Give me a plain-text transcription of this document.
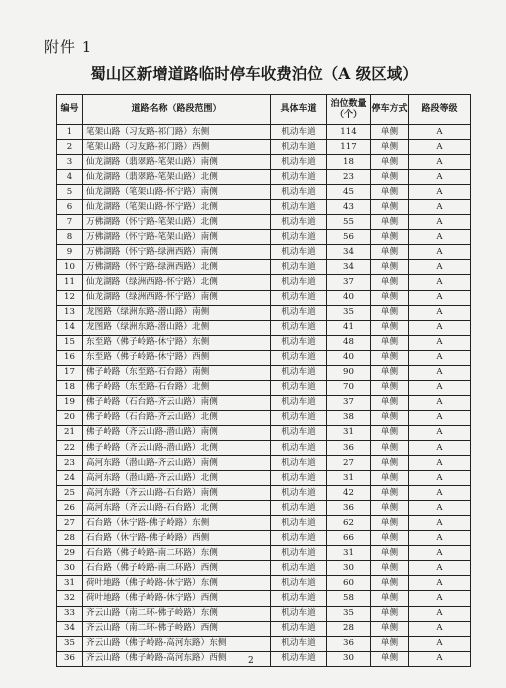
附件 1
蜀山区新增道路临时停车收费泊位（A 级区域）
编号	道路名称（路段范围）	具体车道	泊位数量（个）	停车方式	路段等级
1	笔架山路（习友路-祁门路）东侧	机动车道	114	单侧	A
2	笔架山路（习友路-祁门路）西侧	机动车道	117	单侧	A
3	仙龙湖路（翡翠路-笔架山路）南侧	机动车道	18	单侧	A
4	仙龙湖路（翡翠路-笔架山路）北侧	机动车道	23	单侧	A
5	仙龙湖路（笔架山路-怀宁路）南侧	机动车道	45	单侧	A
6	仙龙湖路（笔架山路-怀宁路）北侧	机动车道	43	单侧	A
7	万佛湖路（怀宁路-笔架山路）北侧	机动车道	55	单侧	A
8	万佛湖路（怀宁路-笔架山路）南侧	机动车道	56	单侧	A
9	万佛湖路（怀宁路-绿洲西路）南侧	机动车道	34	单侧	A
10	万佛湖路（怀宁路-绿洲西路）北侧	机动车道	34	单侧	A
11	仙龙湖路（绿洲西路-怀宁路）北侧	机动车道	37	单侧	A
12	仙龙湖路（绿洲西路-怀宁路）南侧	机动车道	40	单侧	A
13	龙图路（绿洲东路-潜山路）南侧	机动车道	35	单侧	A
14	龙图路（绿洲东路-潜山路）北侧	机动车道	41	单侧	A
15	东至路（佛子岭路-休宁路）东侧	机动车道	48	单侧	A
16	东至路（佛子岭路-休宁路）西侧	机动车道	40	单侧	A
17	佛子岭路（东至路-石台路）南侧	机动车道	90	单侧	A
18	佛子岭路（东至路-石台路）北侧	机动车道	70	单侧	A
19	佛子岭路（石台路-齐云山路）南侧	机动车道	37	单侧	A
20	佛子岭路（石台路-齐云山路）北侧	机动车道	38	单侧	A
21	佛子岭路（齐云山路-潜山路）南侧	机动车道	31	单侧	A
22	佛子岭路（齐云山路-潜山路）北侧	机动车道	36	单侧	A
23	高河东路（潜山路-齐云山路）南侧	机动车道	27	单侧	A
24	高河东路（潜山路-齐云山路）北侧	机动车道	31	单侧	A
25	高河东路（齐云山路-石台路）南侧	机动车道	42	单侧	A
26	高河东路（齐云山路-石台路）北侧	机动车道	36	单侧	A
27	石台路（休宁路-佛子岭路）东侧	机动车道	62	单侧	A
28	石台路（休宁路-佛子岭路）西侧	机动车道	66	单侧	A
29	石台路（佛子岭路-南二环路）东侧	机动车道	31	单侧	A
30	石台路（佛子岭路-南二环路）西侧	机动车道	30	单侧	A
31	荷叶地路（佛子岭路-休宁路）东侧	机动车道	60	单侧	A
32	荷叶地路（佛子岭路-休宁路）西侧	机动车道	58	单侧	A
33	齐云山路（南二环-佛子岭路）东侧	机动车道	35	单侧	A
34	齐云山路（南二环-佛子岭路）西侧	机动车道	28	单侧	A
35	齐云山路（佛子岭路-高河东路）东侧	机动车道	36	单侧	A
36	齐云山路（佛子岭路-高河东路）西侧	机动车道	30	单侧	A
2
